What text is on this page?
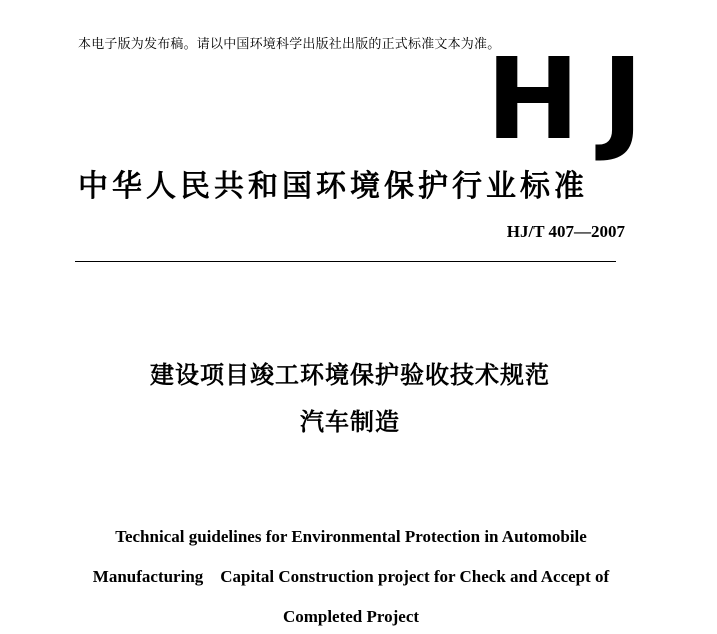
本电子版为发布稿。请以中国环境科学出版社出版的正式标准文本为准。
HJ
中华人民共和国环境保护行业标准
HJ/T 407—2007
建设项目竣工环境保护验收技术规范
汽车制造
Technical guidelines for Environmental Protection in Automobile
Manufacturing    Capital Construction project for Check and Accept of
Completed Project
